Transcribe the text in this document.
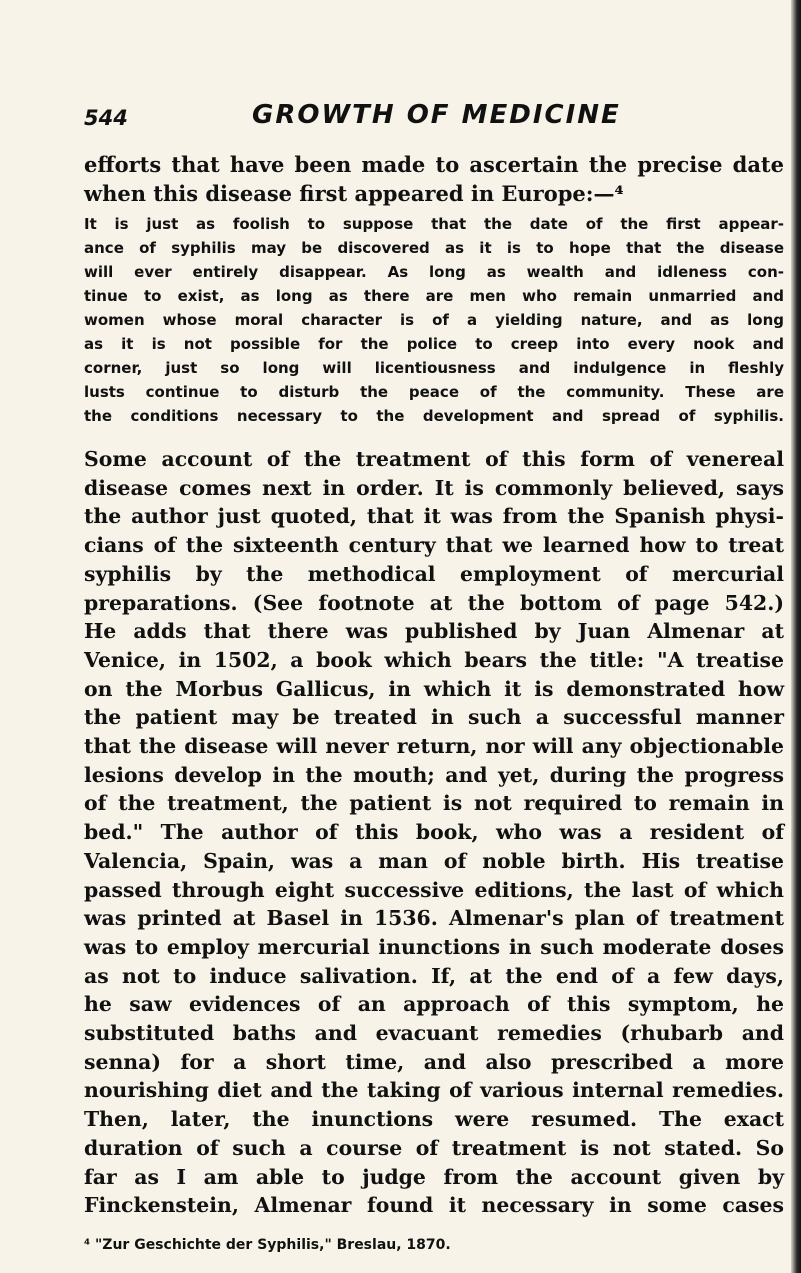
544	GROWTH OF MEDICINE
efforts that have been made to ascertain the precise date
when this disease first appeared in Europe:—⁴
It is just as foolish to suppose that the date of the first appear-
ance of syphilis may be discovered as it is to hope that the disease
will ever entirely disappear. As long as wealth and idleness con-
tinue to exist, as long as there are men who remain unmarried and
women whose moral character is of a yielding nature, and as long
as it is not possible for the police to creep into every nook and
corner, just so long will licentiousness and indulgence in fleshly
lusts continue to disturb the peace of the community. These are
the conditions necessary to the development and spread of syphilis.
Some account of the treatment of this form of venereal
disease comes next in order. It is commonly believed, says
the author just quoted, that it was from the Spanish physi-
cians of the sixteenth century that we learned how to treat
syphilis by the methodical employment of mercurial
preparations. (See footnote at the bottom of page 542.)
He adds that there was published by Juan Almenar at
Venice, in 1502, a book which bears the title: "A treatise
on the Morbus Gallicus, in which it is demonstrated how
the patient may be treated in such a successful manner
that the disease will never return, nor will any objectionable
lesions develop in the mouth; and yet, during the progress
of the treatment, the patient is not required to remain in
bed." The author of this book, who was a resident of
Valencia, Spain, was a man of noble birth. His treatise
passed through eight successive editions, the last of which
was printed at Basel in 1536. Almenar's plan of treatment
was to employ mercurial inunctions in such moderate doses
as not to induce salivation. If, at the end of a few days,
he saw evidences of an approach of this symptom, he
substituted baths and evacuant remedies (rhubarb and
senna) for a short time, and also prescribed a more
nourishing diet and the taking of various internal remedies.
Then, later, the inunctions were resumed. The exact
duration of such a course of treatment is not stated. So
far as I am able to judge from the account given by
Finckenstein, Almenar found it necessary in some cases
⁴ "Zur Geschichte der Syphilis," Breslau, 1870.
